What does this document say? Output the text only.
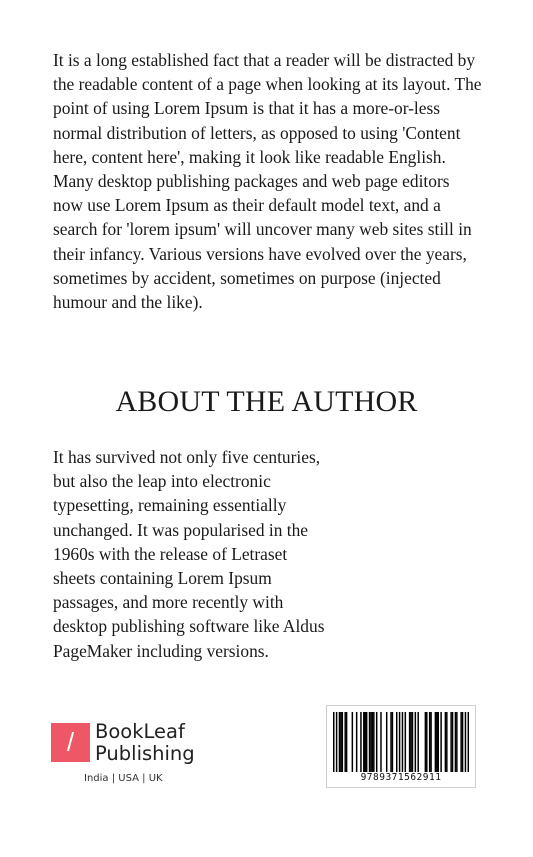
It is a long established fact that a reader will be distracted by the readable content of a page when looking at its layout. The point of using Lorem Ipsum is that it has a more-or-less normal distribution of letters, as opposed to using 'Content here, content here', making it look like readable English. Many desktop publishing packages and web page editors now use Lorem Ipsum as their default model text, and a search for 'lorem ipsum' will uncover many web sites still in their infancy. Various versions have evolved over the years, sometimes by accident, sometimes on purpose (injected humour and the like).

ABOUT THE AUTHOR

It has survived not only five centuries, but also the leap into electronic typesetting, remaining essentially unchanged. It was popularised in the 1960s with the release of Letraset sheets containing Lorem Ipsum passages, and more recently with desktop publishing software like Aldus PageMaker including versions.

/	BookLeaf
Publishing
India | USA | UK	9789371562911
